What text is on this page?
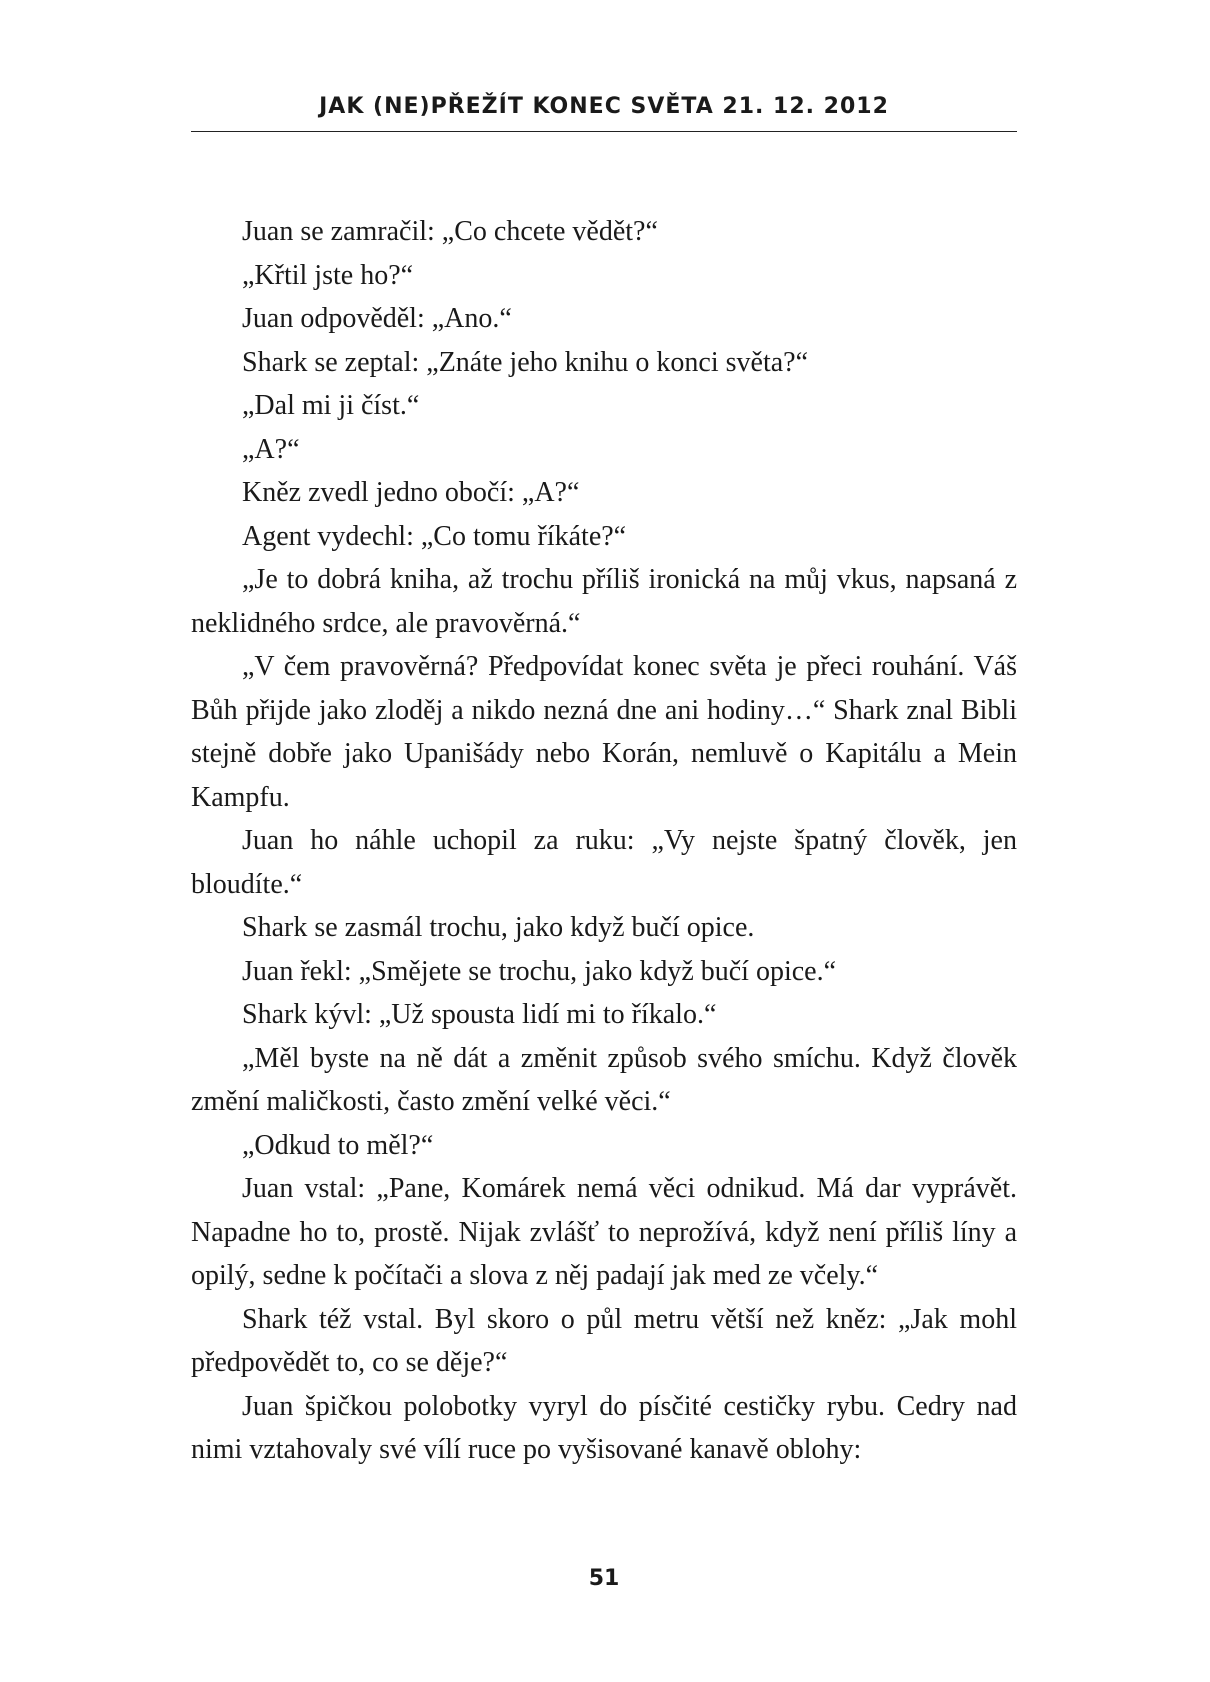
JAK (NE)PŘEŽÍT KONEC SVĚTA 21. 12. 2012

Juan se zamračil: „Co chcete vědět?“

„Křtil jste ho?“

Juan odpověděl: „Ano.“

Shark se zeptal: „Znáte jeho knihu o konci světa?“

„Dal mi ji číst.“

„A?“

Kněz zvedl jedno obočí: „A?“

Agent vydechl: „Co tomu říkáte?“

„Je to dobrá kniha, až trochu příliš ironická na můj vkus, napsaná z neklidného srdce, ale pravověrná.“

„V čem pravověrná? Předpovídat konec světa je přeci rouhání. Váš Bůh přijde jako zloděj a nikdo nezná dne ani hodiny…“ Shark znal Bibli stejně dobře jako Upanišády nebo Korán, nemluvě o Kapitálu a Mein Kampfu.

Juan ho náhle uchopil za ruku: „Vy nejste špatný člověk, jen bloudíte.“

Shark se zasmál trochu, jako když bučí opice.

Juan řekl: „Smějete se trochu, jako když bučí opice.“

Shark kývl: „Už spousta lidí mi to říkalo.“

„Měl byste na ně dát a změnit způsob svého smíchu. Když člověk změní maličkosti, často změní velké věci.“

„Odkud to měl?“

Juan vstal: „Pane, Komárek nemá věci odnikud. Má dar vyprávět. Napadne ho to, prostě. Nijak zvlášť to neprožívá, když není příliš líny a opilý, sedne k počítači a slova z něj padají jak med ze včely.“

Shark též vstal. Byl skoro o půl metru větší než kněz: „Jak mohl předpovědět to, co se děje?“

Juan špičkou polobotky vyryl do písčité cestičky rybu. Cedry nad nimi vztahovaly své vílí ruce po vyšisované kanavě oblohy:

51
